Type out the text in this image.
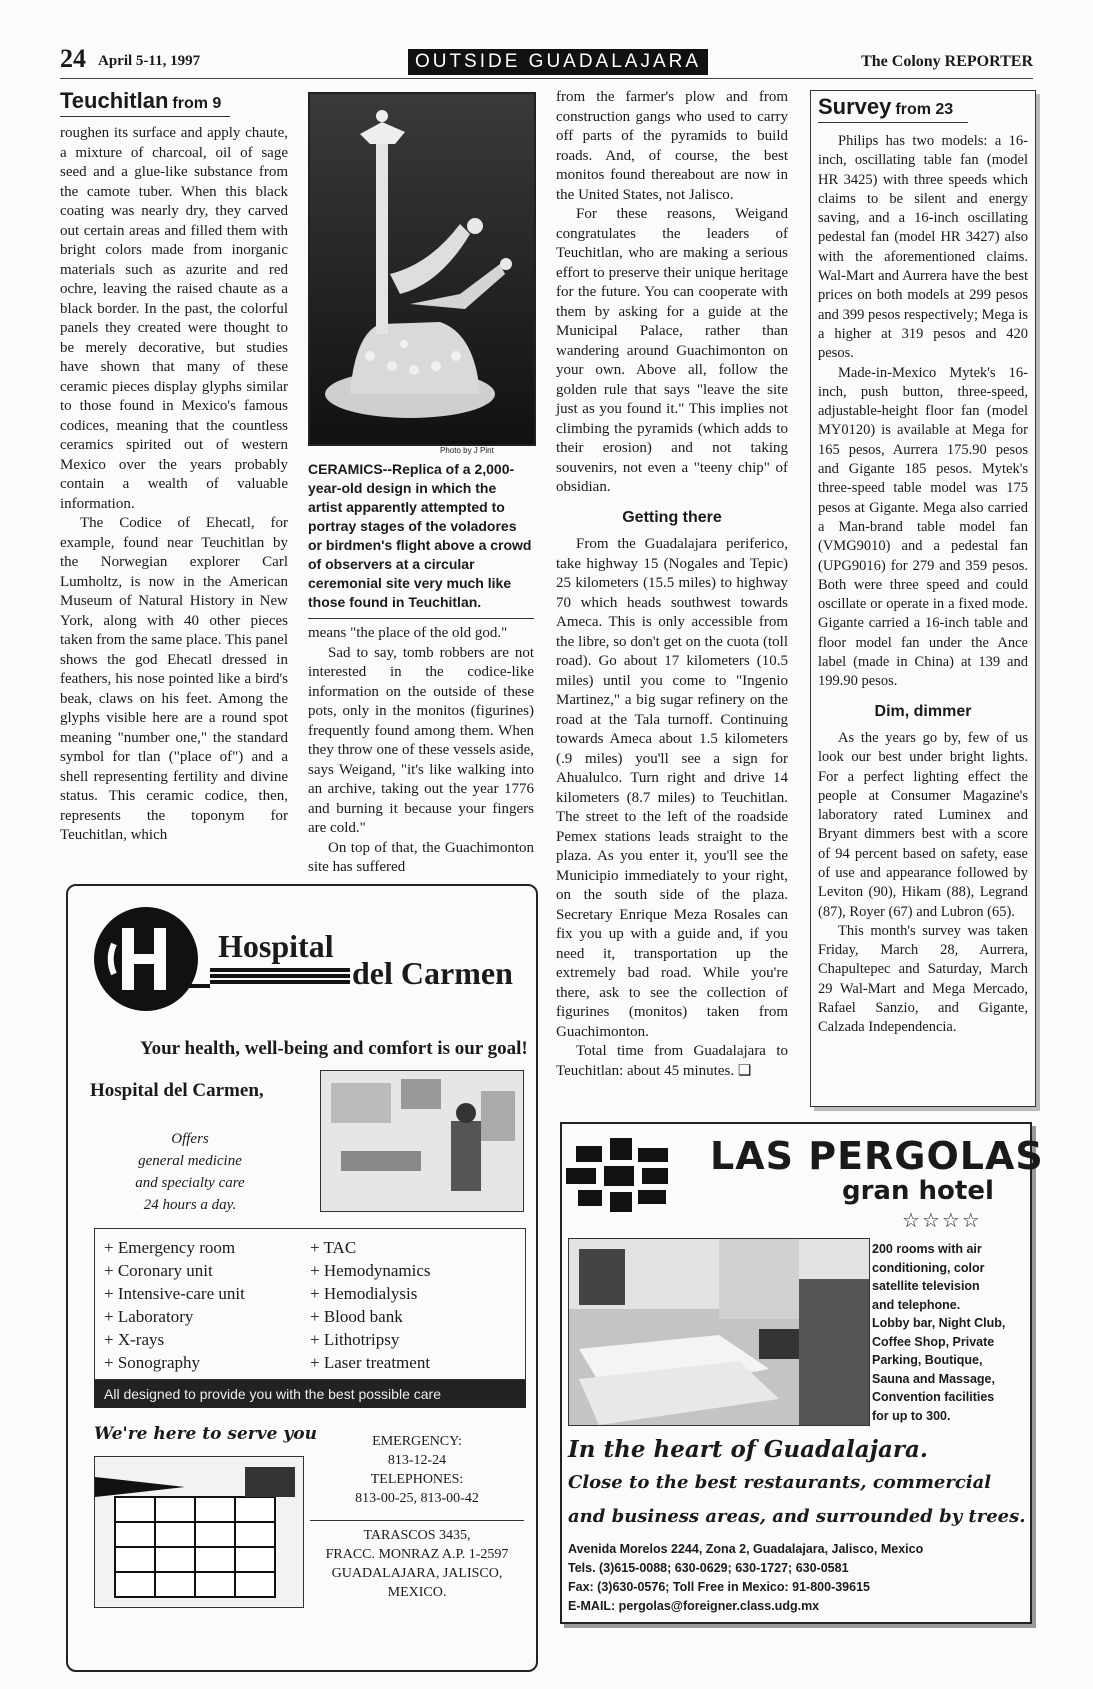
24 April 5-11, 1997	OUTSIDE GUADALAJARA	The Colony REPORTER
Teuchitlan from 9

roughen its surface and apply chaute, a mixture of charcoal, oil of sage seed and a glue-like substance from the camote tuber. When this black coating was nearly dry, they carved out certain areas and filled them with bright colors made from inorganic materials such as azurite and red ochre, leaving the raised chaute as a black border. In the past, the colorful panels they created were thought to be merely decorative, but studies have shown that many of these ceramic pieces display glyphs similar to those found in Mexico's famous codices, meaning that the countless ceramics spirited out of western Mexico over the years probably contain a wealth of valuable information.

The Codice of Ehecatl, for example, found near Teuchitlan by the Norwegian explorer Carl Lumholtz, is now in the American Museum of Natural History in New York, along with 40 other pieces taken from the same place. This panel shows the god Ehecatl dressed in feathers, his nose pointed like a bird's beak, claws on his feet. Among the glyphs visible here are a round spot meaning "number one," the standard symbol for tlan ("place of") and a shell representing fertility and divine status. This ceramic codice, then, represents the toponym for Teuchitlan, which

Photo by J Pint
CERAMICS--Replica of a 2,000-year-old design in which the artist apparently attempted to portray stages of the voladores or birdmen's flight above a crowd of observers at a circular ceremonial site very much like those found in Teuchitlan.

means "the place of the old god."

Sad to say, tomb robbers are not interested in the codice-like information on the outside of these pots, only in the monitos (figurines) frequently found among them. When they throw one of these vessels aside, says Weigand, "it's like walking into an archive, taking out the year 1776 and burning it because your fingers are cold."

On top of that, the Guachimonton site has suffered

from the farmer's plow and from construction gangs who used to carry off parts of the pyramids to build roads. And, of course, the best monitos found thereabout are now in the United States, not Jalisco.

For these reasons, Weigand congratulates the leaders of Teuchitlan, who are making a serious effort to preserve their unique heritage for the future. You can cooperate with them by asking for a guide at the Municipal Palace, rather than wandering around Guachimonton on your own. Above all, follow the golden rule that says "leave the site just as you found it." This implies not climbing the pyramids (which adds to their erosion) and not taking souvenirs, not even a "teeny chip" of obsidian.

Getting there

From the Guadalajara periferico, take highway 15 (Nogales and Tepic) 25 kilometers (15.5 miles) to highway 70 which heads southwest towards Ameca. This is only accessible from the libre, so don't get on the cuota (toll road). Go about 17 kilometers (10.5 miles) until you come to "Ingenio Martinez," a big sugar refinery on the road at the Tala turnoff. Continuing towards Ameca about 1.5 kilometers (.9 miles) you'll see a sign for Ahualulco. Turn right and drive 14 kilometers (8.7 miles) to Teuchitlan. The street to the left of the roadside Pemex stations leads straight to the plaza. As you enter it, you'll see the Municipio immediately to your right, on the south side of the plaza. Secretary Enrique Meza Rosales can fix you up with a guide and, if you need it, transportation up the extremely bad road. While you're there, ask to see the collection of figurines (monitos) taken from Guachimonton.

Total time from Guadalajara to Teuchitlan: about 45 minutes. ❑

Survey from 23

Philips has two models: a 16-inch, oscillating table fan (model HR 3425) with three speeds which claims to be silent and energy saving, and a 16-inch oscillating pedestal fan (model HR 3427) also with the aforementioned claims. Wal-Mart and Aurrera have the best prices on both models at 299 pesos and 399 pesos respectively; Mega is a higher at 319 pesos and 420 pesos.

Made-in-Mexico Mytek's 16-inch, push button, three-speed, adjustable-height floor fan (model MY0120) is available at Mega for 165 pesos, Aurrera 175.90 pesos and Gigante 185 pesos. Mytek's three-speed table model was 175 pesos at Gigante. Mega also carried a Man-brand table model fan (VMG9010) and a pedestal fan (UPG9016) for 279 and 359 pesos. Both were three speed and could oscillate or operate in a fixed mode. Gigante carried a 16-inch table and floor model fan under the Ance label (made in China) at 139 and 199.90 pesos.

Dim, dimmer

As the years go by, few of us look our best under bright lights. For a perfect lighting effect the people at Consumer Magazine's laboratory rated Luminex and Bryant dimmers best with a score of 94 percent based on safety, ease of use and appearance followed by Leviton (90), Hikam (88), Legrand (87), Royer (67) and Lubron (65).

This month's survey was taken Friday, March 28, Aurrera, Chapultepec and Saturday, March 29 Wal-Mart and Mega Mercado, Rafael Sanzio, and Gigante, Calzada Independencia.

Hospital
del Carmen
Your health, well-being and comfort is our goal!
Hospital del Carmen,
Offers
general medicine
and specialty care
24 hours a day.
+ Emergency room
+ Coronary unit
+ Intensive-care unit
+ Laboratory
+ X-rays
+ Sonography
+ TAC
+ Hemodynamics
+ Hemodialysis
+ Blood bank
+ Lithotripsy
+ Laser treatment
All designed to provide you with the best possible care
We're here to serve you	EMERGENCY:
813-12-24
TELEPHONES:
813-00-25, 813-00-42
TARASCOS 3435,
FRACC. MONRAZ A.P. 1-2597
GUADALAJARA, JALISCO,
MEXICO.
LAS PERGOLAS
gran hotel
☆☆☆☆
200 rooms with air
conditioning, color
satellite television
and telephone.
Lobby bar, Night Club,
Coffee Shop, Private
Parking, Boutique,
Sauna and Massage,
Convention facilities
for up to 300.
In the heart of Guadalajara.
Close to the best restaurants, commercial
and business areas, and surrounded by trees.
Avenida Morelos 2244, Zona 2, Guadalajara, Jalisco, Mexico
Tels. (3)615-0088; 630-0629; 630-1727; 630-0581
Fax: (3)630-0576; Toll Free in Mexico: 91-800-39615
E-MAIL: pergolas@foreigner.class.udg.mx
